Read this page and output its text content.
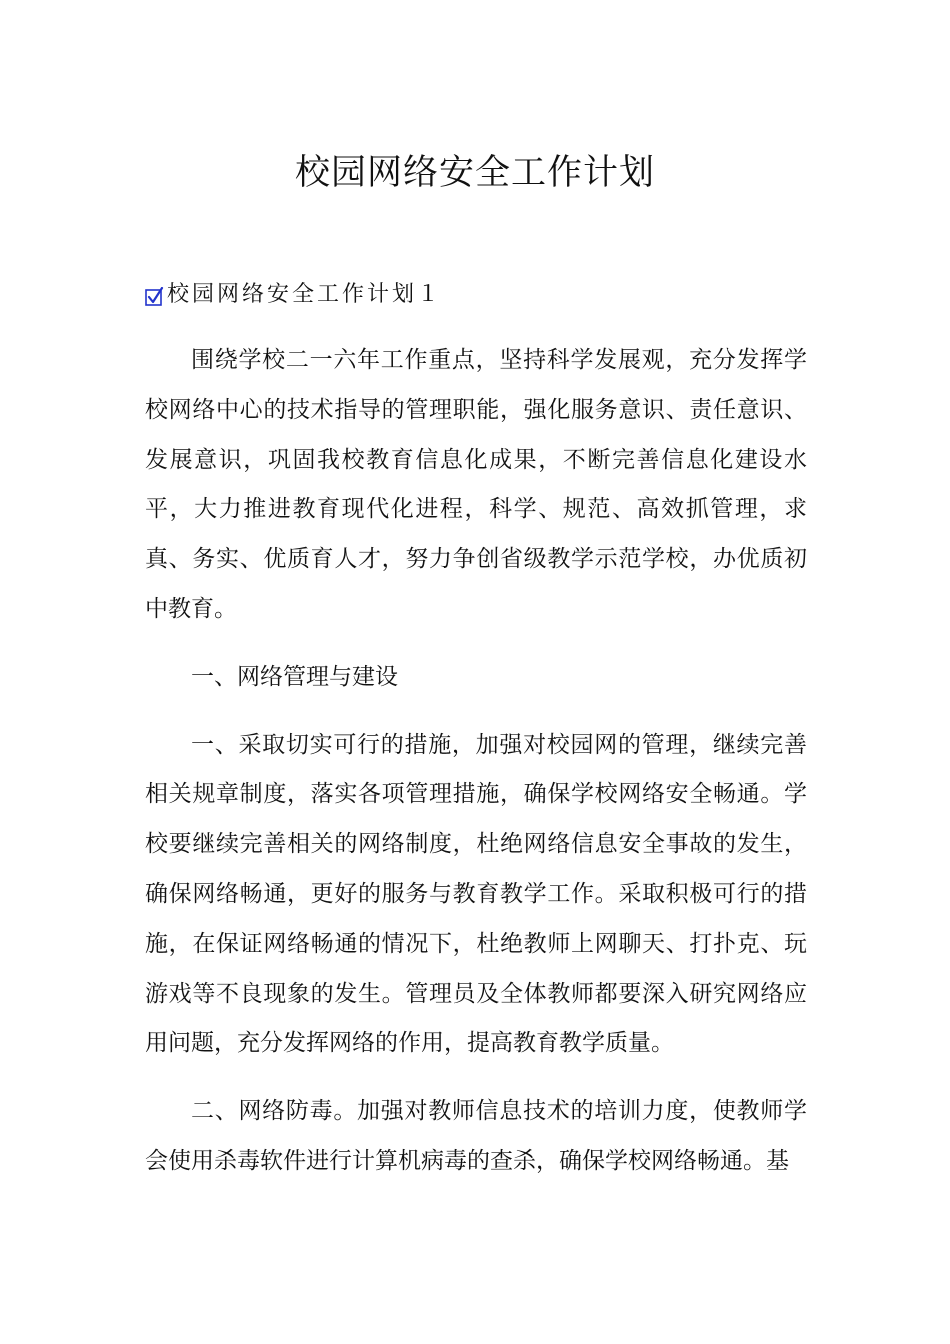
校园网络安全工作计划
校园网络安全工作计划１

围绕学校二一六年工作重点，坚持科学发展观，充分发挥学校网络中心的技术指导的管理职能，强化服务意识、责任意识、发展意识，巩固我校教育信息化成果，不断完善信息化建设水平，大力推进教育现代化进程，科学、规范、高效抓管理，求真、务实、优质育人才，努力争创省级教学示范学校，办优质初中教育。

一、网络管理与建设

一、采取切实可行的措施，加强对校园网的管理，继续完善相关规章制度，落实各项管理措施，确保学校网络安全畅通。学校要继续完善相关的网络制度，杜绝网络信息安全事故的发生，确保网络畅通，更好的服务与教育教学工作。采取积极可行的措施，在保证网络畅通的情况下，杜绝教师上网聊天、打扑克、玩游戏等不良现象的发生。管理员及全体教师都要深入研究网络应用问题，充分发挥网络的作用，提高教育教学质量。

二、网络防毒。加强对教师信息技术的培训力度，使教师学会使用杀毒软件进行计算机病毒的查杀，确保学校网络畅通。基
